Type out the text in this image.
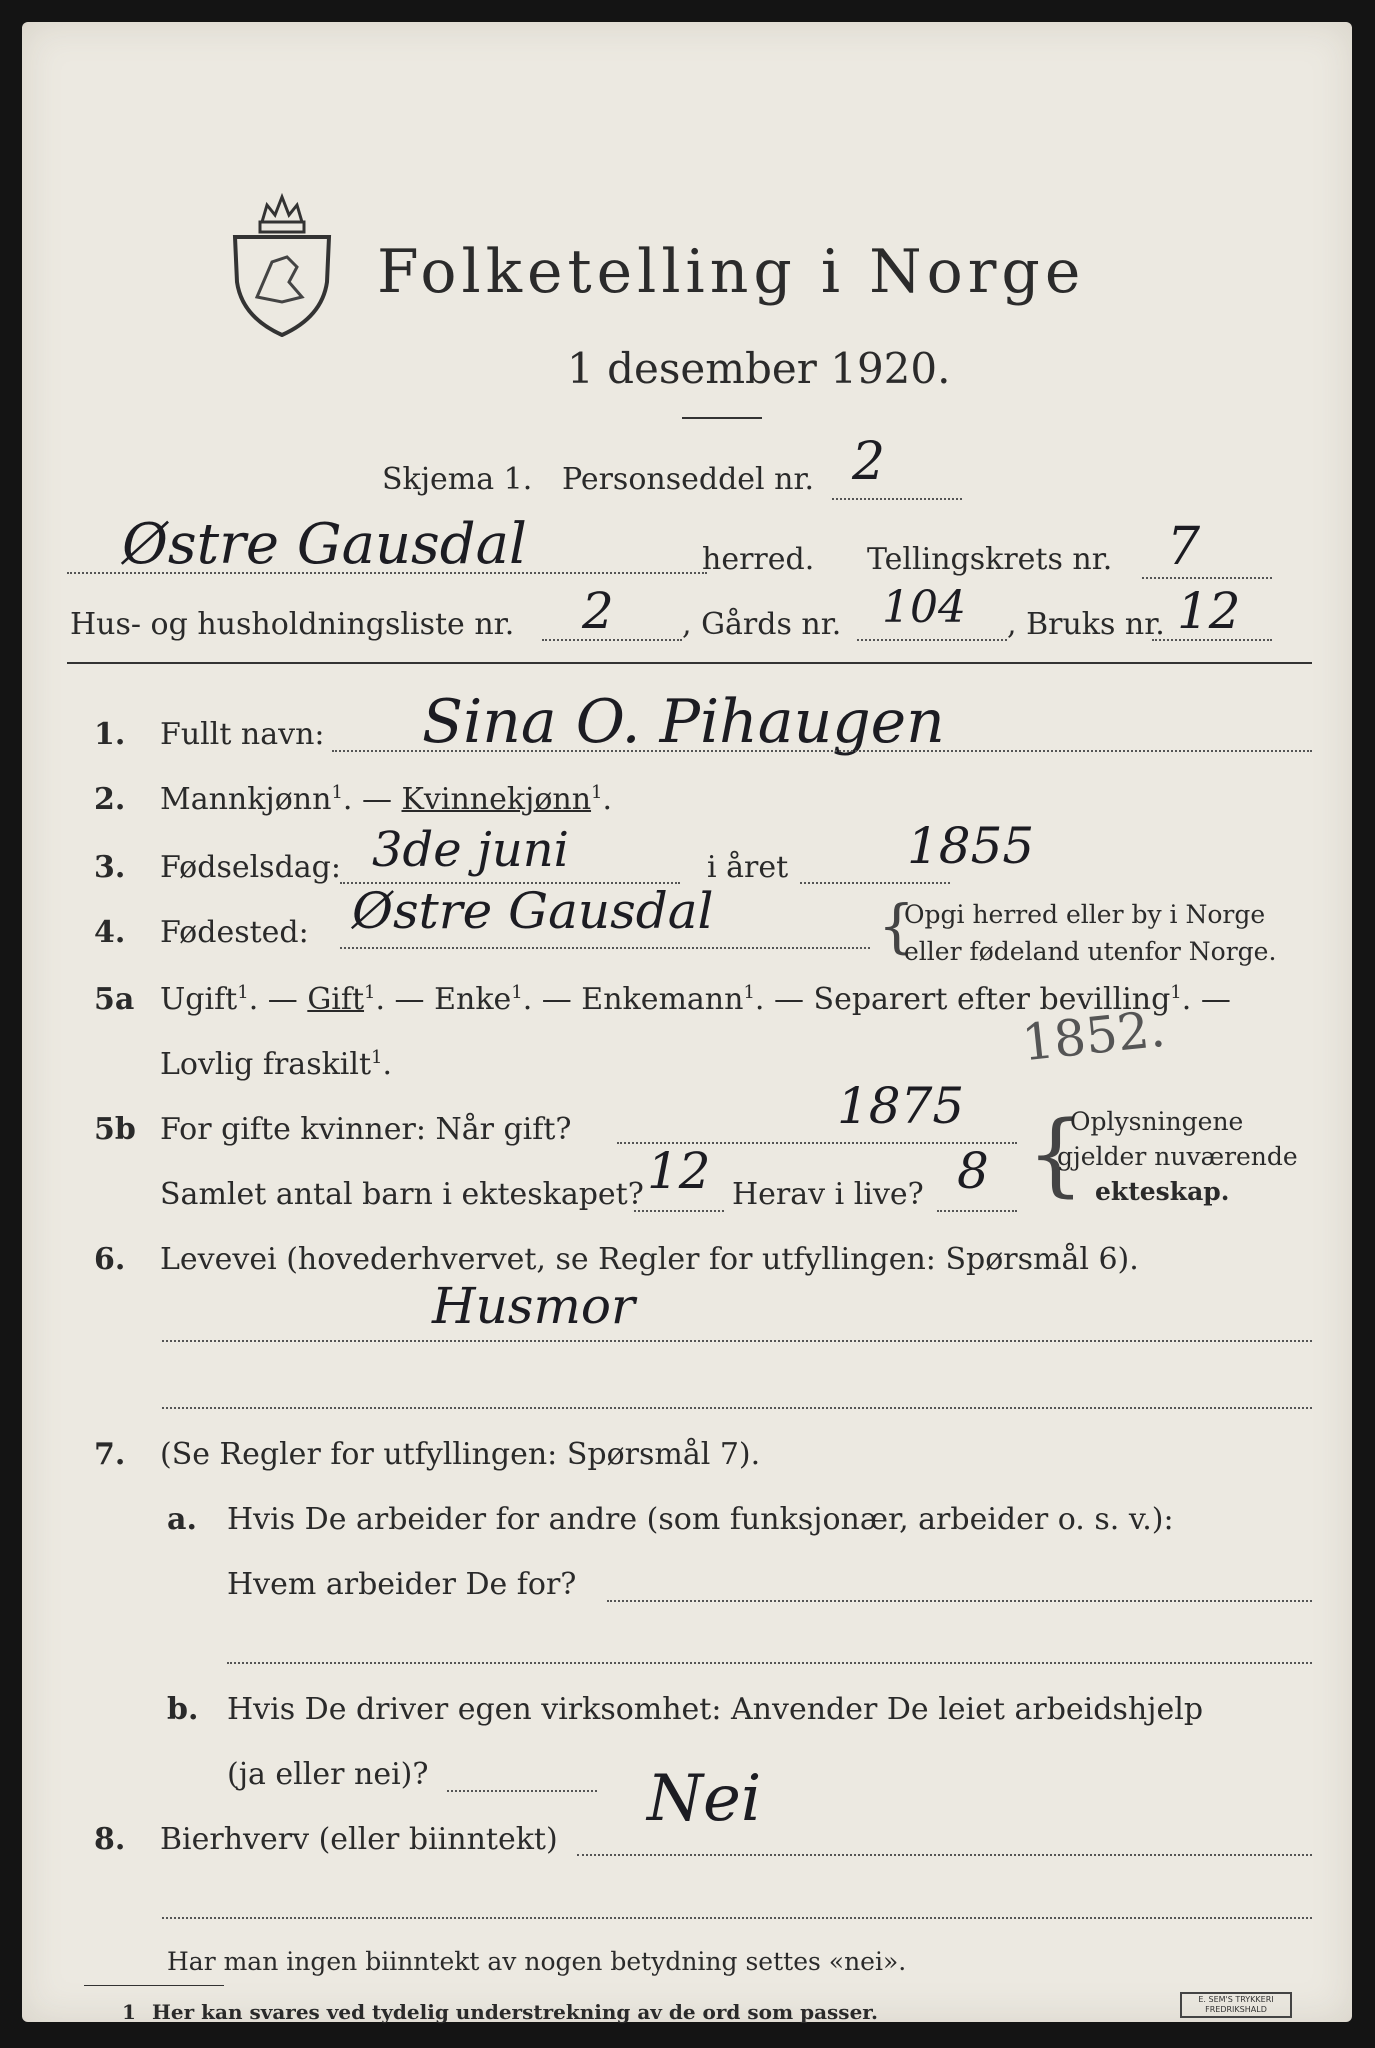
Folketelling i Norge
1 desember 1920.
Skjema 1. Personseddel nr. 2
Østre Gausdal	herred. Tellingskrets nr. 7
Hus- og husholdningsliste nr. 2 , Gårds nr. 104 , Bruks nr. 12
1. Fullt navn: Sina O. Pihaugen
2. Mannkjønn$^1$. — Kvinnekjønn$^1$.
3. Fødselsdag: 3de juni	i året 1855
4. Fødested: Østre Gausdal	{
Opgi herred eller by i Norge
eller fødeland utenfor Norge.
5a Ugift$^1$. — Gift$^1$. — Enke$^1$. — Enkemann$^1$. — Separert efter bevilling$^1$. —
Lovlig fraskilt$^1$.	1852.
5b For gifte kvinner: Når gift?	1875
Samlet antal barn i ekteskapet? 12 Herav i live? 8 {
Oplysningene
gjelder nuværende
ekteskap.
6. Levevei (hovederhvervet, se Regler for utfyllingen: Spørsmål 6).
Husmor
7. (Se Regler for utfyllingen: Spørsmål 7).
a. Hvis De arbeider for andre (som funksjonær, arbeider o. s. v.):
Hvem arbeider De for?
b. Hvis De driver egen virksomhet: Anvender De leiet arbeidshjelp
(ja eller nei)?
8. Bierhverv (eller biinntekt)
Nei
Har man ingen biinntekt av nogen betydning settes «nei».
1 Her kan svares ved tydelig understrekning av de ord som passer.
E. SEM'S TRYKKERI FREDRIKSHALD
